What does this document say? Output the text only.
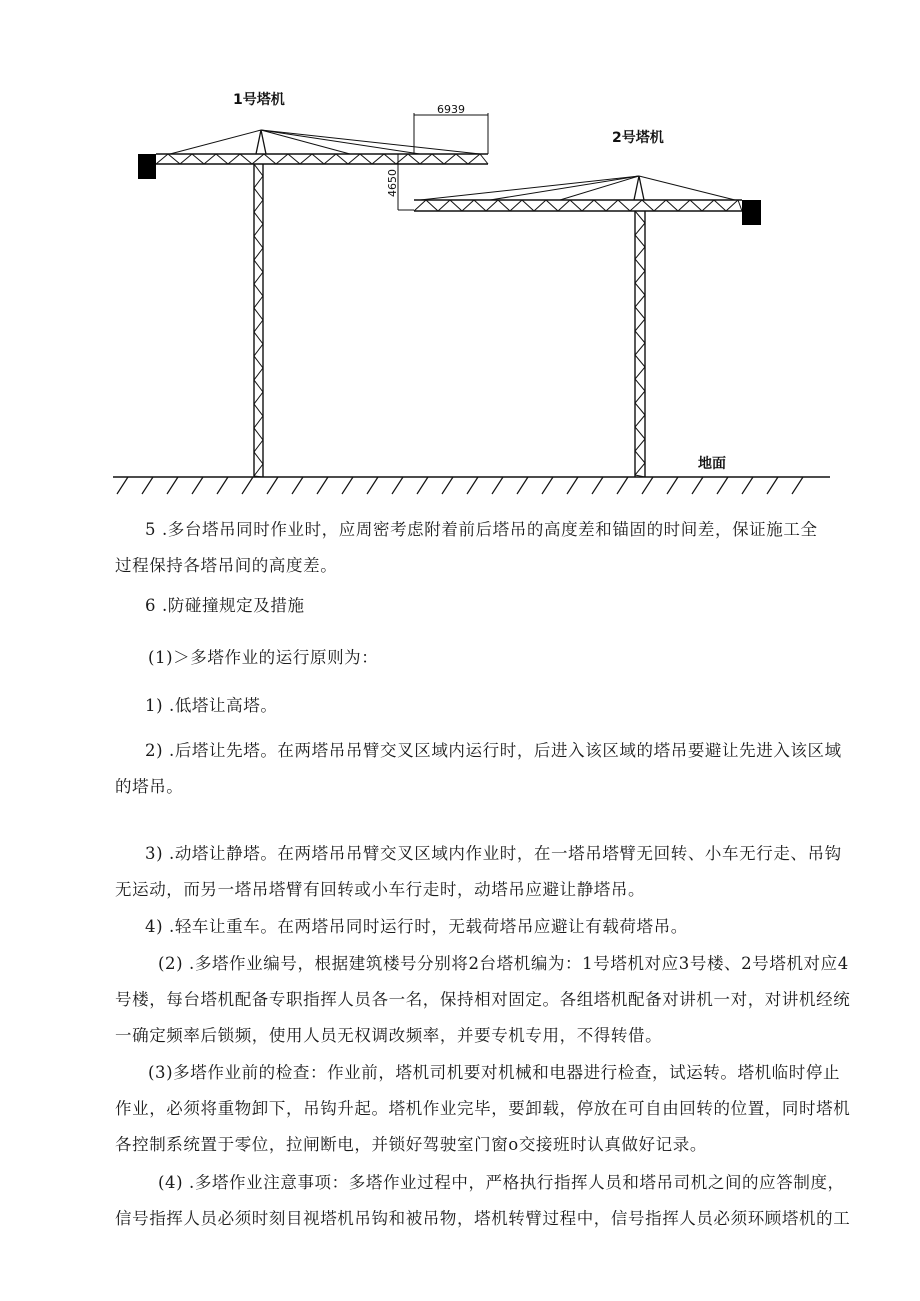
1号塔机
2号塔机
6939
4650
地面
5 .多台塔吊同时作业时，应周密考虑附着前后塔吊的高度差和锚固的时间差，保证施工全
过程保持各塔吊间的高度差。
6 .防碰撞规定及措施
(1)＞多塔作业的运行原则为：
1) .低塔让高塔。
2) .后塔让先塔。在两塔吊吊臂交叉区域内运行时，后进入该区域的塔吊要避让先进入该区域
的塔吊。
3) .动塔让静塔。在两塔吊吊臂交叉区域内作业时，在一塔吊塔臂无回转、小车无行走、吊钩
无运动，而另一塔吊塔臂有回转或小车行走时，动塔吊应避让静塔吊。
4) .轻车让重车。在两塔吊同时运行时，无载荷塔吊应避让有载荷塔吊。
(2) .多塔作业编号，根据建筑楼号分别将2台塔机编为：1号塔机对应3号楼、2号塔机对应4
号楼，每台塔机配备专职指挥人员各一名，保持相对固定。各组塔机配备对讲机一对，对讲机经统
一确定频率后锁频，使用人员无权调改频率，并要专机专用，不得转借。
(3)多塔作业前的检查：作业前，塔机司机要对机械和电器进行检查，试运转。塔机临时停止
作业，必须将重物卸下，吊钩升起。塔机作业完毕，要卸载，停放在可自由回转的位置，同时塔机
各控制系统置于零位，拉闸断电，并锁好驾驶室门窗o交接班时认真做好记录。
(4) .多塔作业注意事项：多塔作业过程中，严格执行指挥人员和塔吊司机之间的应答制度，
信号指挥人员必须时刻目视塔机吊钩和被吊物，塔机转臂过程中，信号指挥人员必须环顾塔机的工
